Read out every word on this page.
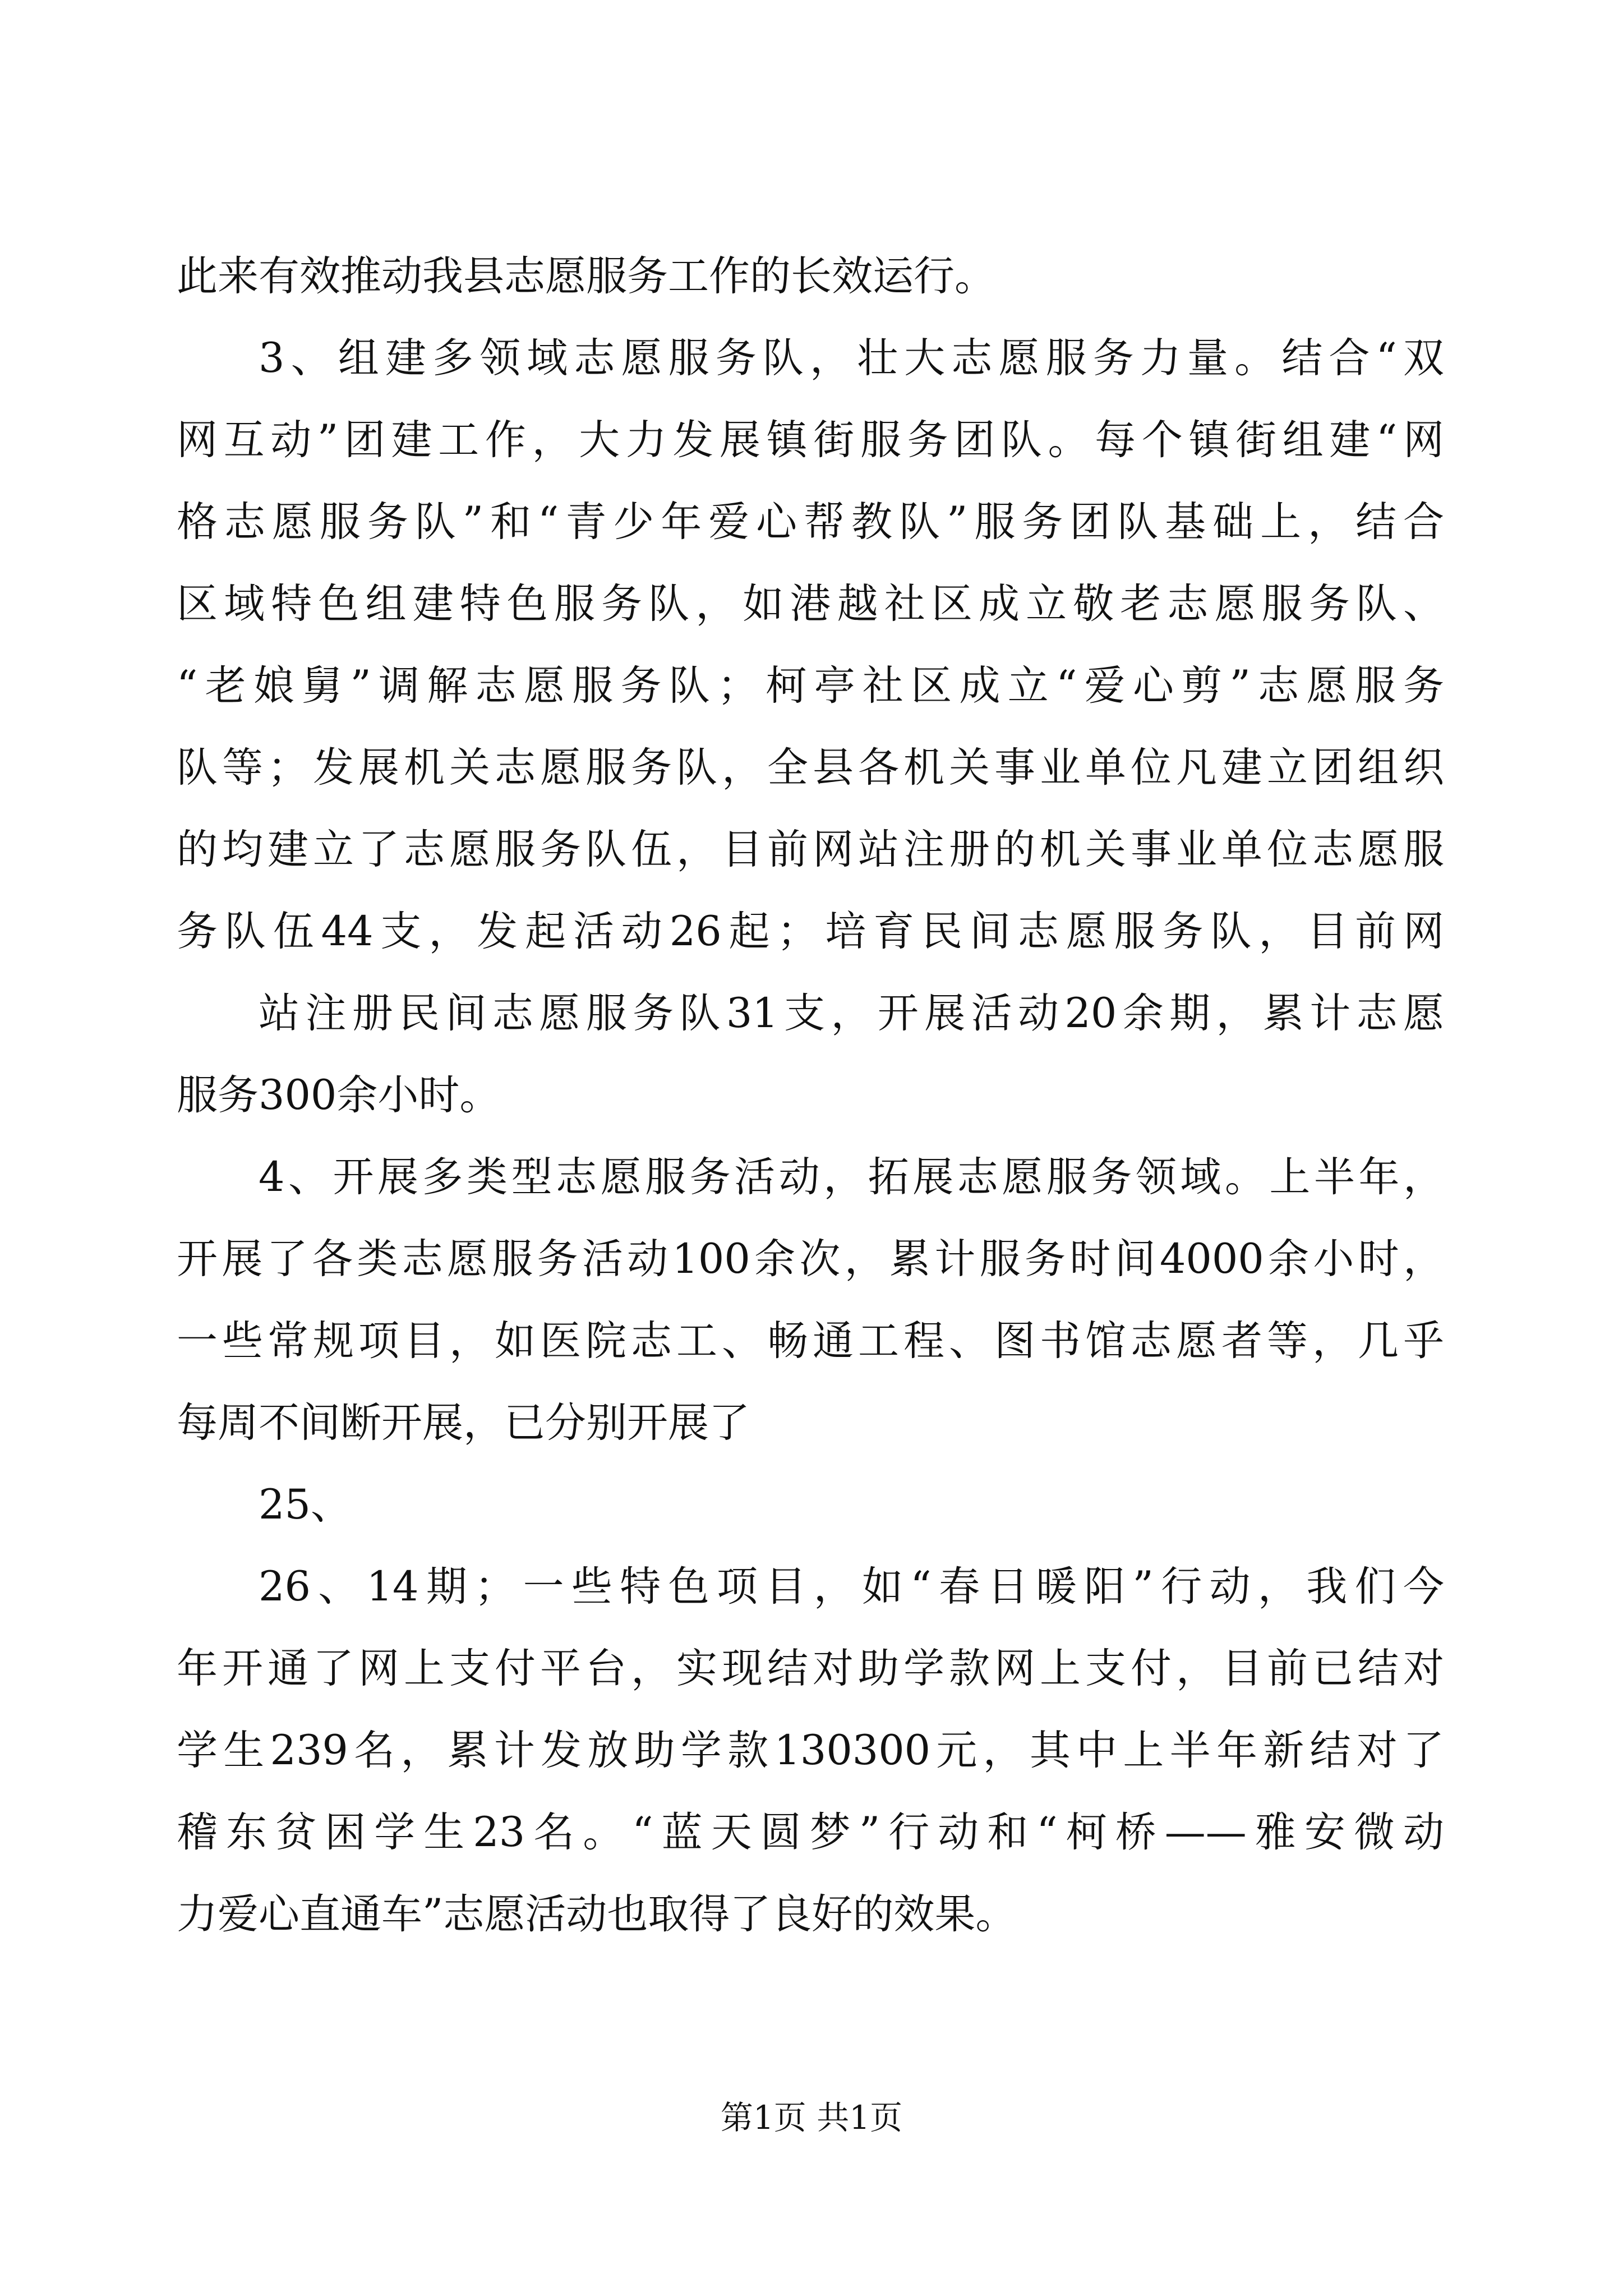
此来有效推动我县志愿服务工作的长效运行。
3、组建多领域志愿服务队，壮大志愿服务力量。结合“双
网互动”团建工作，大力发展镇街服务团队。每个镇街组建“网
格志愿服务队”和“青少年爱心帮教队”服务团队基础上，结合
区域特色组建特色服务队，如港越社区成立敬老志愿服务队、
“老娘舅”调解志愿服务队；柯亭社区成立“爱心剪”志愿服务
队等；发展机关志愿服务队，全县各机关事业单位凡建立团组织
的均建立了志愿服务队伍，目前网站注册的机关事业单位志愿服
务队伍44支，发起活动26起；培育民间志愿服务队，目前网
站注册民间志愿服务队31支，开展活动20余期，累计志愿
服务300余小时。
4、开展多类型志愿服务活动，拓展志愿服务领域。上半年，
开展了各类志愿服务活动100余次，累计服务时间4000余小时，
一些常规项目，如医院志工、畅通工程、图书馆志愿者等，几乎
每周不间断开展，已分别开展了
25、
26、14期；一些特色项目，如“春日暖阳”行动，我们今
年开通了网上支付平台，实现结对助学款网上支付，目前已结对
学生239名，累计发放助学款130300元，其中上半年新结对了
稽东贫困学生23名。“蓝天圆梦”行动和“柯桥——雅安微动
力爱心直通车”志愿活动也取得了良好的效果。
第1页 共1页
